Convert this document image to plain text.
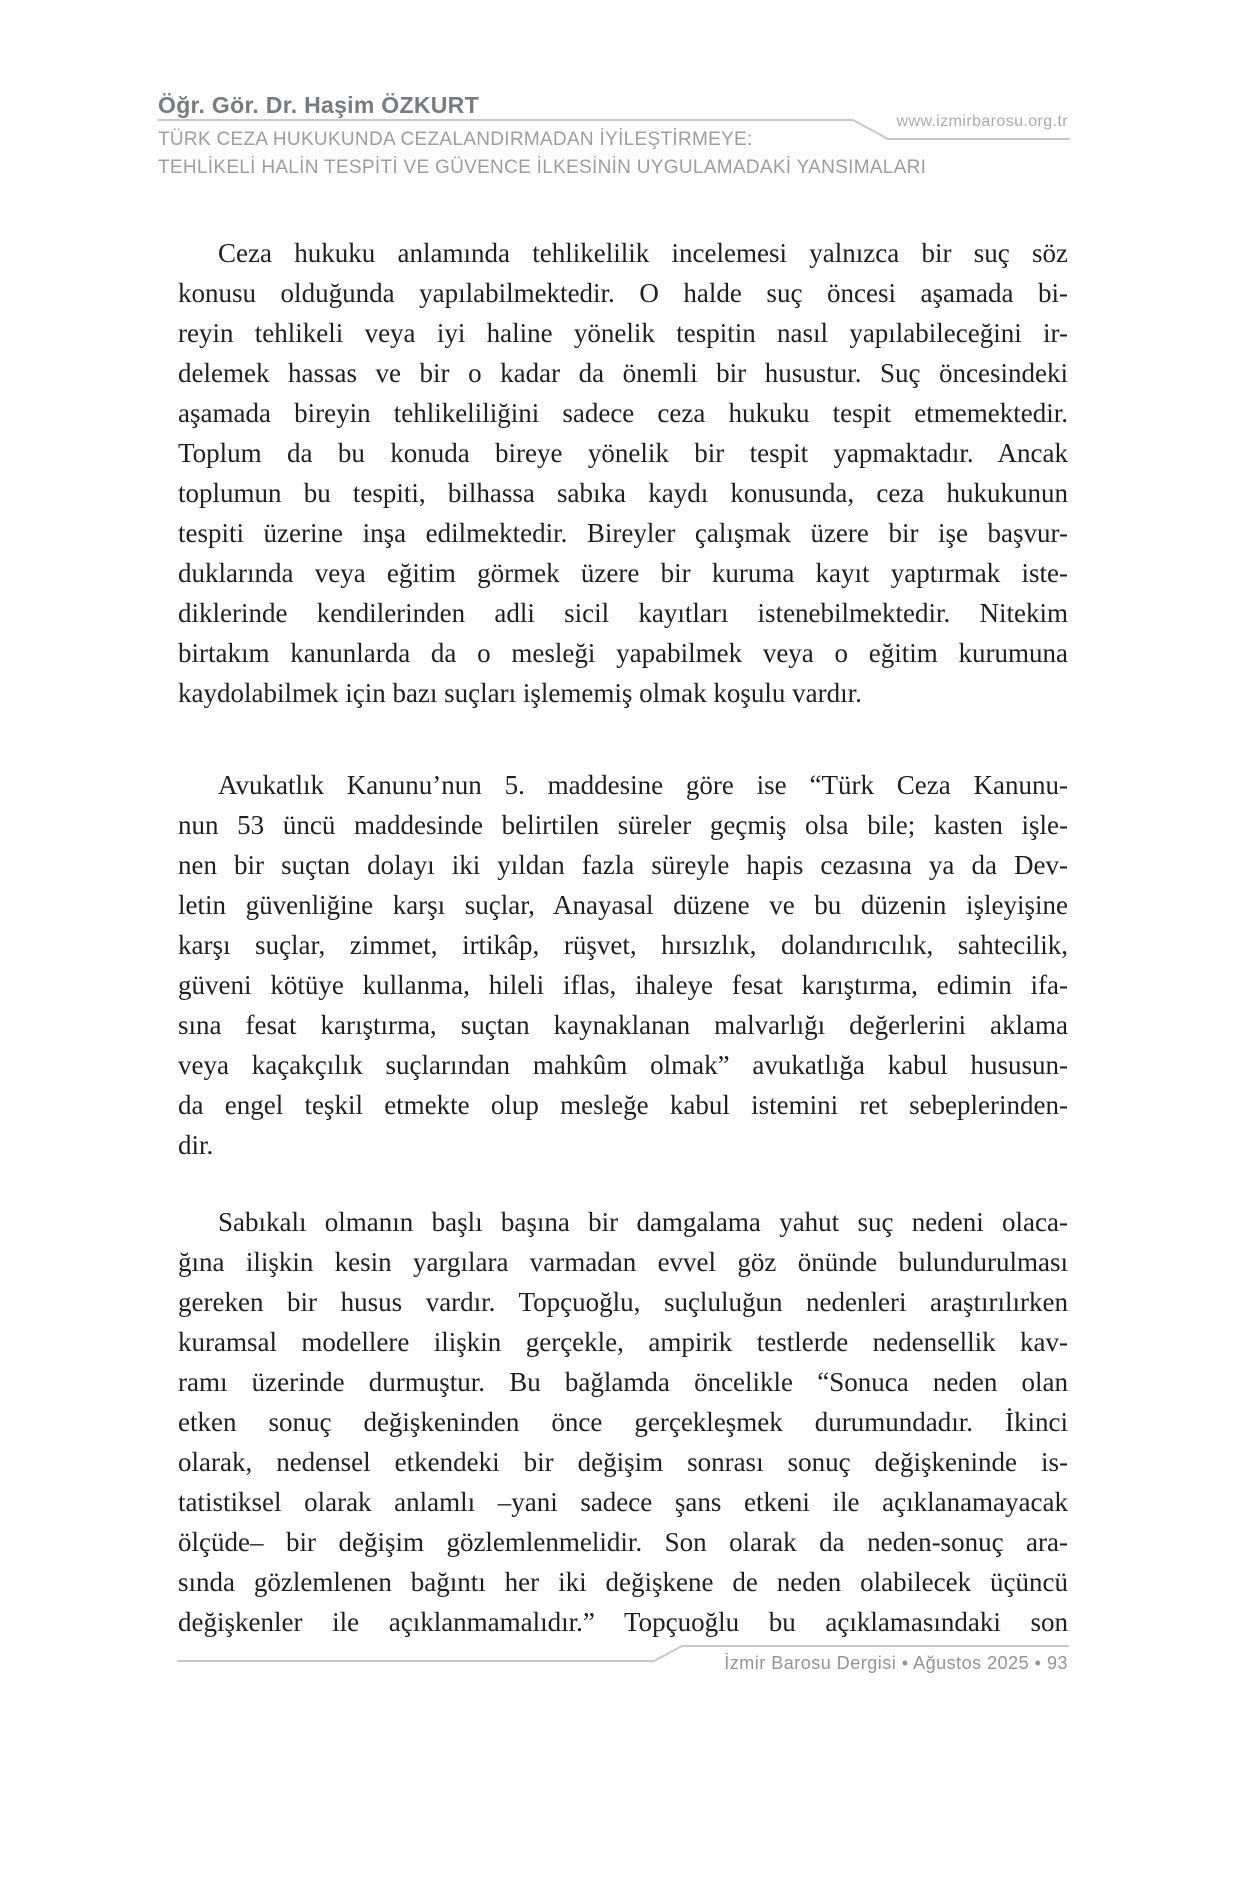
Öğr. Gör. Dr. Haşim ÖZKURT
www.izmirbarosu.org.tr
TÜRK CEZA HUKUKUNDA CEZALANDIRMADAN İYİLEŞTİRMEYE:
TEHLİKELİ HALİN TESPİTİ VE GÜVENCE İLKESİNİN UYGULAMADAKİ YANSIMALARI
Ceza hukuku anlamında tehlikelilik incelemesi yalnızca bir suç söz
konusu olduğunda yapılabilmektedir. O halde suç öncesi aşamada bi-
reyin tehlikeli veya iyi haline yönelik tespitin nasıl yapılabileceğini ir-
delemek hassas ve bir o kadar da önemli bir husustur. Suç öncesindeki
aşamada bireyin tehlikeliliğini sadece ceza hukuku tespit etmemektedir.
Toplum da bu konuda bireye yönelik bir tespit yapmaktadır. Ancak
toplumun bu tespiti, bilhassa sabıka kaydı konusunda, ceza hukukunun
tespiti üzerine inşa edilmektedir. Bireyler çalışmak üzere bir işe başvur-
duklarında veya eğitim görmek üzere bir kuruma kayıt yaptırmak iste-
diklerinde kendilerinden adli sicil kayıtları istenebilmektedir. Nitekim
birtakım kanunlarda da o mesleği yapabilmek veya o eğitim kurumuna
kaydolabilmek için bazı suçları işlememiş olmak koşulu vardır.
Avukatlık Kanunu’nun 5. maddesine göre ise “Türk Ceza Kanunu-
nun 53 üncü maddesinde belirtilen süreler geçmiş olsa bile; kasten işle-
nen bir suçtan dolayı iki yıldan fazla süreyle hapis cezasına ya da Dev-
letin güvenliğine karşı suçlar, Anayasal düzene ve bu düzenin işleyişine
karşı suçlar, zimmet, irtikâp, rüşvet, hırsızlık, dolandırıcılık, sahtecilik,
güveni kötüye kullanma, hileli iflas, ihaleye fesat karıştırma, edimin ifa-
sına fesat karıştırma, suçtan kaynaklanan malvarlığı değerlerini aklama
veya kaçakçılık suçlarından mahkûm olmak” avukatlığa kabul hususun-
da engel teşkil etmekte olup mesleğe kabul istemini ret sebeplerinden-
dir.
Sabıkalı olmanın başlı başına bir damgalama yahut suç nedeni olaca-
ğına ilişkin kesin yargılara varmadan evvel göz önünde bulundurulması
gereken bir husus vardır. Topçuoğlu, suçluluğun nedenleri araştırılırken
kuramsal modellere ilişkin gerçekle, ampirik testlerde nedensellik kav-
ramı üzerinde durmuştur. Bu bağlamda öncelikle “Sonuca neden olan
etken sonuç değişkeninden önce gerçekleşmek durumundadır. İkinci
olarak, nedensel etkendeki bir değişim sonrası sonuç değişkeninde is-
tatistiksel olarak anlamlı –yani sadece şans etkeni ile açıklanamayacak
ölçüde– bir değişim gözlemlenmelidir. Son olarak da neden-sonuç ara-
sında gözlemlenen bağıntı her iki değişkene de neden olabilecek üçüncü
değişkenler ile açıklanmamalıdır.” Topçuoğlu bu açıklamasındaki son
İzmir Barosu Dergisi • Ağustos 2025 • 93
